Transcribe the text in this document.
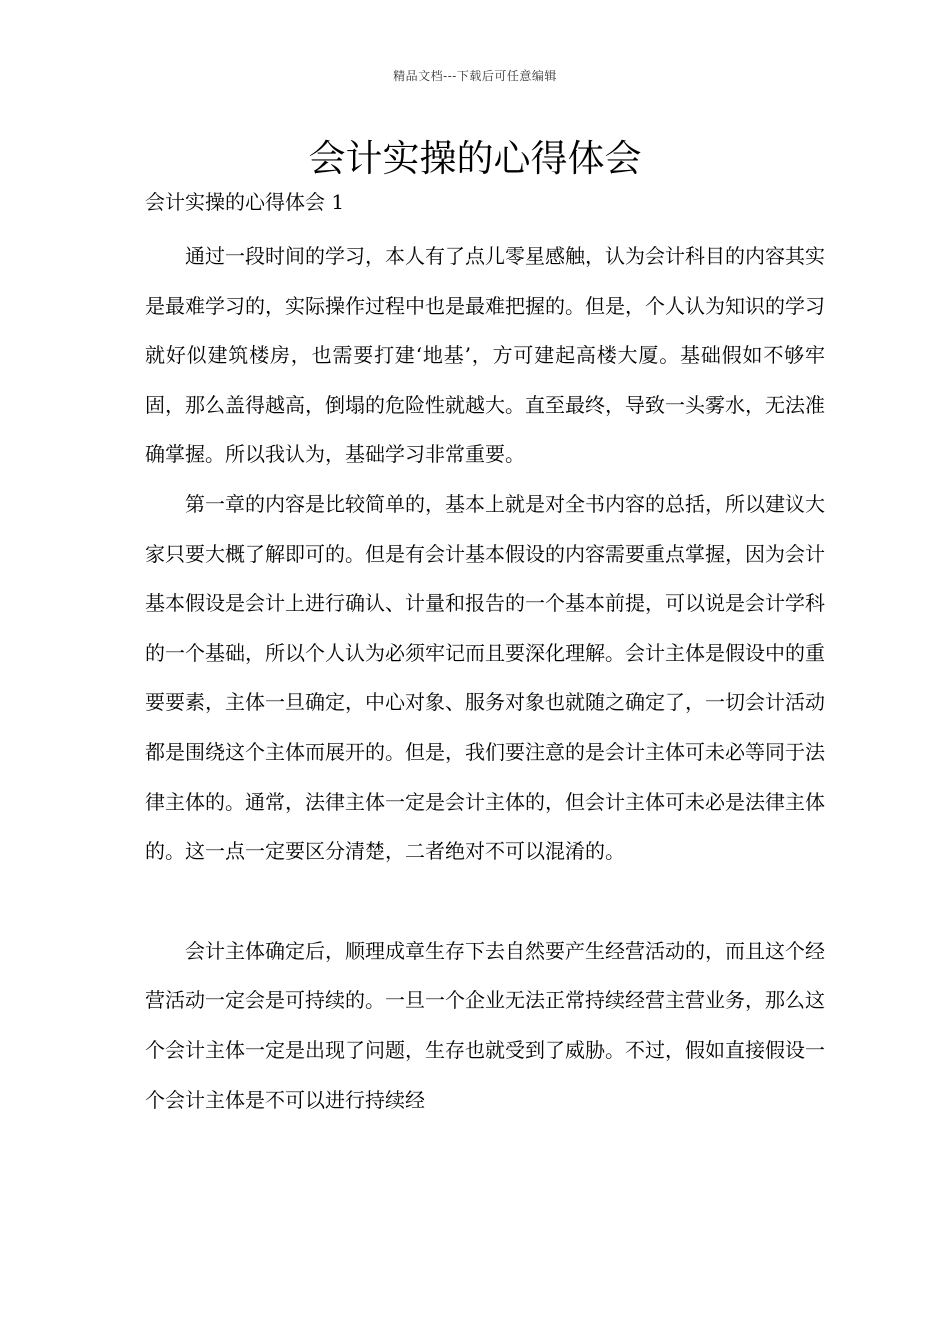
精品文档---下载后可任意编辑
会计实操的心得体会
会计实操的心得体会 1

通过一段时间的学习，本人有了点儿零星感触，认为会计科目的内容其实是最难学习的，实际操作过程中也是最难把握的。但是，个人认为知识的学习就好似建筑楼房，也需要打建‘地基’，方可建起高楼大厦。基础假如不够牢固，那么盖得越高，倒塌的危险性就越大。直至最终，导致一头雾水，无法准确掌握。所以我认为，基础学习非常重要。

第一章的内容是比较简单的，基本上就是对全书内容的总括，所以建议大家只要大概了解即可的。但是有会计基本假设的内容需要重点掌握，因为会计基本假设是会计上进行确认、计量和报告的一个基本前提，可以说是会计学科的一个基础，所以个人认为必须牢记而且要深化理解。会计主体是假设中的重要要素，主体一旦确定，中心对象、服务对象也就随之确定了，一切会计活动都是围绕这个主体而展开的。但是，我们要注意的是会计主体可未必等同于法律主体的。通常，法律主体一定是会计主体的，但会计主体可未必是法律主体的。这一点一定要区分清楚，二者绝对不可以混淆的。

会计主体确定后，顺理成章生存下去自然要产生经营活动的，而且这个经营活动一定会是可持续的。一旦一个企业无法正常持续经营主营业务，那么这个会计主体一定是出现了问题，生存也就受到了威胁。不过，假如直接假设一个会计主体是不可以进行持续经
